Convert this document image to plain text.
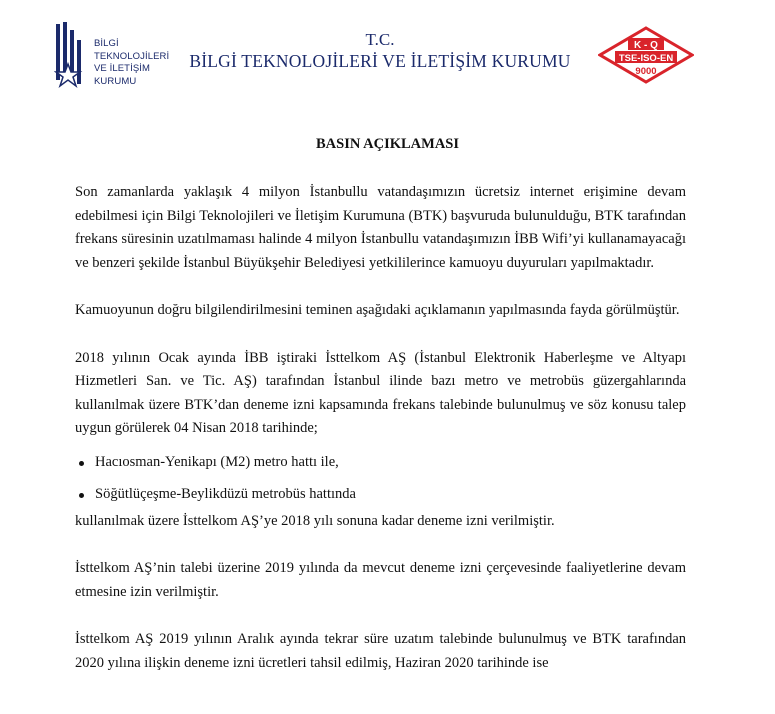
BİLGİ
TEKNOLOJİLERİ
VE İLETİŞİM
KURUMU
T.C.
BİLGİ TEKNOLOJİLERİ VE İLETİŞİM KURUMU
K - Q
TSE-ISO-EN
9000
BASIN AÇIKLAMASI

Son zamanlarda yaklaşık 4 milyon İstanbullu vatandaşımızın ücretsiz internet erişimine devam edebilmesi için Bilgi Teknolojileri ve İletişim Kurumuna (BTK) başvuruda bulunulduğu, BTK tarafından frekans süresinin uzatılmaması halinde 4 milyon İstanbullu vatandaşımızın İBB Wifi’yi kullanamayacağı ve benzeri şekilde İstanbul Büyükşehir Belediyesi yetkililerince kamuoyu duyuruları yapılmaktadır.

Kamuoyunun doğru bilgilendirilmesini teminen aşağıdaki açıklamanın yapılmasında fayda görülmüştür.

2018 yılının Ocak ayında İBB iştiraki İsttelkom AŞ (İstanbul Elektronik Haberleşme ve Altyapı Hizmetleri San. ve Tic. AŞ) tarafından İstanbul ilinde bazı metro ve metrobüs güzergahlarında kullanılmak üzere BTK’dan deneme izni kapsamında frekans talebinde bulunulmuş ve söz konusu talep uygun görülerek 04 Nisan 2018 tarihinde;

Hacıosman-Yenikapı (M2) metro hattı ile,
Söğütlüçeşme-Beylikdüzü metrobüs hattında
kullanılmak üzere İsttelkom AŞ’ye 2018 yılı sonuna kadar deneme izni verilmiştir.

İsttelkom AŞ’nin talebi üzerine 2019 yılında da mevcut deneme izni çerçevesinde faaliyetlerine devam etmesine izin verilmiştir.

İsttelkom AŞ 2019 yılının Aralık ayında tekrar süre uzatım talebinde bulunulmuş ve BTK tarafından 2020 yılına ilişkin deneme izni ücretleri tahsil edilmiş, Haziran 2020 tarihinde ise
